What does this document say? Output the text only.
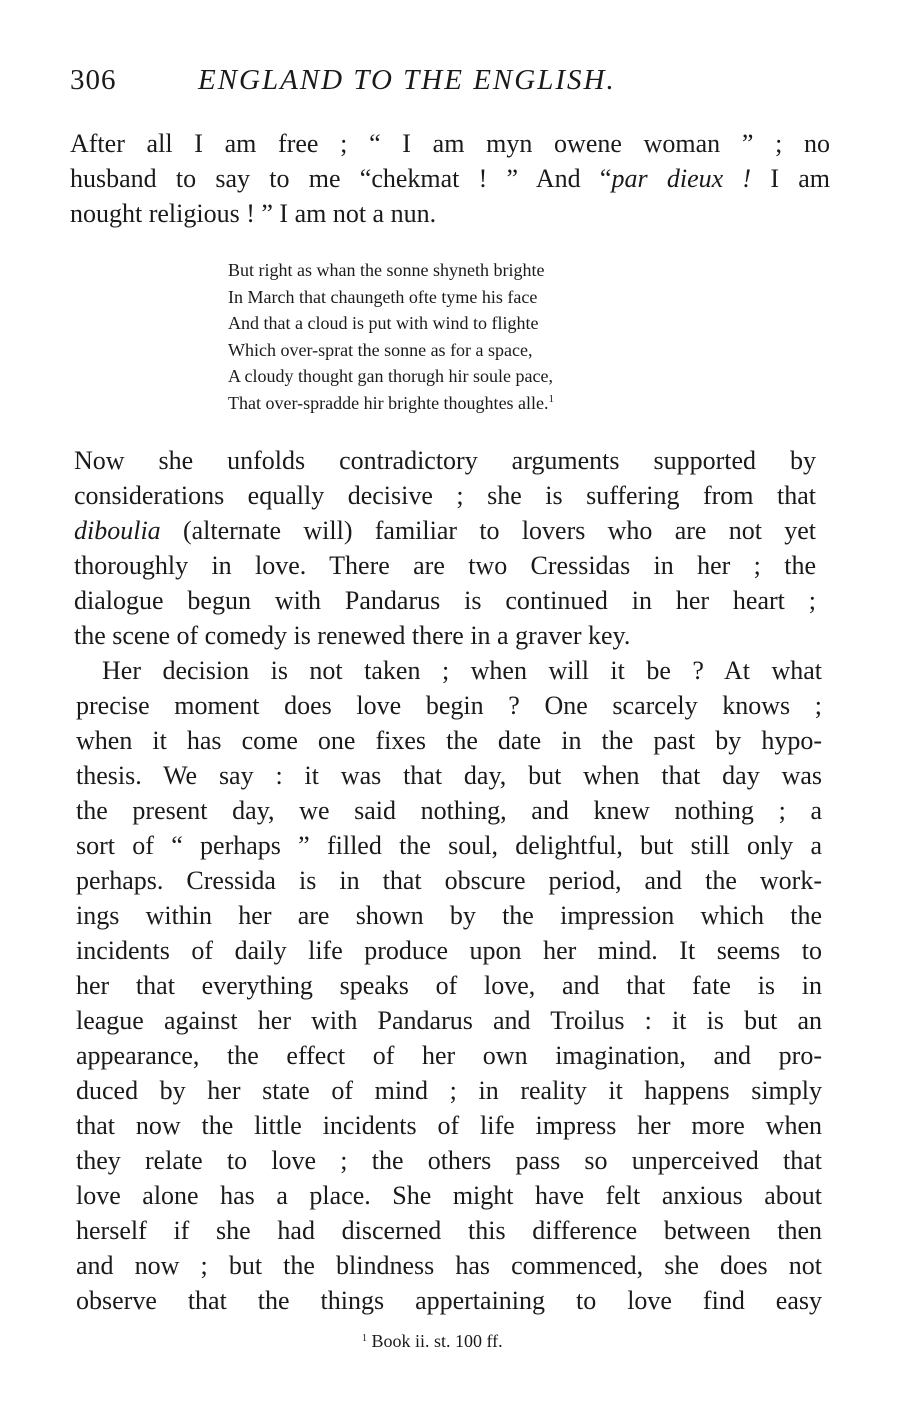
306	ENGLAND TO THE ENGLISH.
After all I am free ; “ I am myn owene woman ” ; no
husband to say to me “chekmat ! ” And “par dieux ! I am
nought religious ! ” I am not a nun.
But right as whan the sonne shyneth brighte
In March that chaungeth ofte tyme his face
And that a cloud is put with wind to flighte
Which over-sprat the sonne as for a space,
A cloudy thought gan thorugh hir soule pace,
That over-spradde hir brighte thoughtes alle.$^1$
Now she unfolds contradictory arguments supported by
considerations equally decisive ; she is suffering from that
diboulia (alternate will) familiar to lovers who are not yet
thoroughly in love. There are two Cressidas in her ; the
dialogue begun with Pandarus is continued in her heart ;
the scene of comedy is renewed there in a graver key.
Her decision is not taken ; when will it be ? At what
precise moment does love begin ? One scarcely knows ;
when it has come one fixes the date in the past by hypo-
thesis. We say : it was that day, but when that day was
the present day, we said nothing, and knew nothing ; a
sort of “ perhaps ” filled the soul, delightful, but still only a
perhaps. Cressida is in that obscure period, and the work-
ings within her are shown by the impression which the
incidents of daily life produce upon her mind. It seems to
her that everything speaks of love, and that fate is in
league against her with Pandarus and Troilus : it is but an
appearance, the effect of her own imagination, and pro-
duced by her state of mind ; in reality it happens simply
that now the little incidents of life impress her more when
they relate to love ; the others pass so unperceived that
love alone has a place. She might have felt anxious about
herself if she had discerned this difference between then
and now ; but the blindness has commenced, she does not
observe that the things appertaining to love find easy
$^1$ Book ii. st. 100 ff.
